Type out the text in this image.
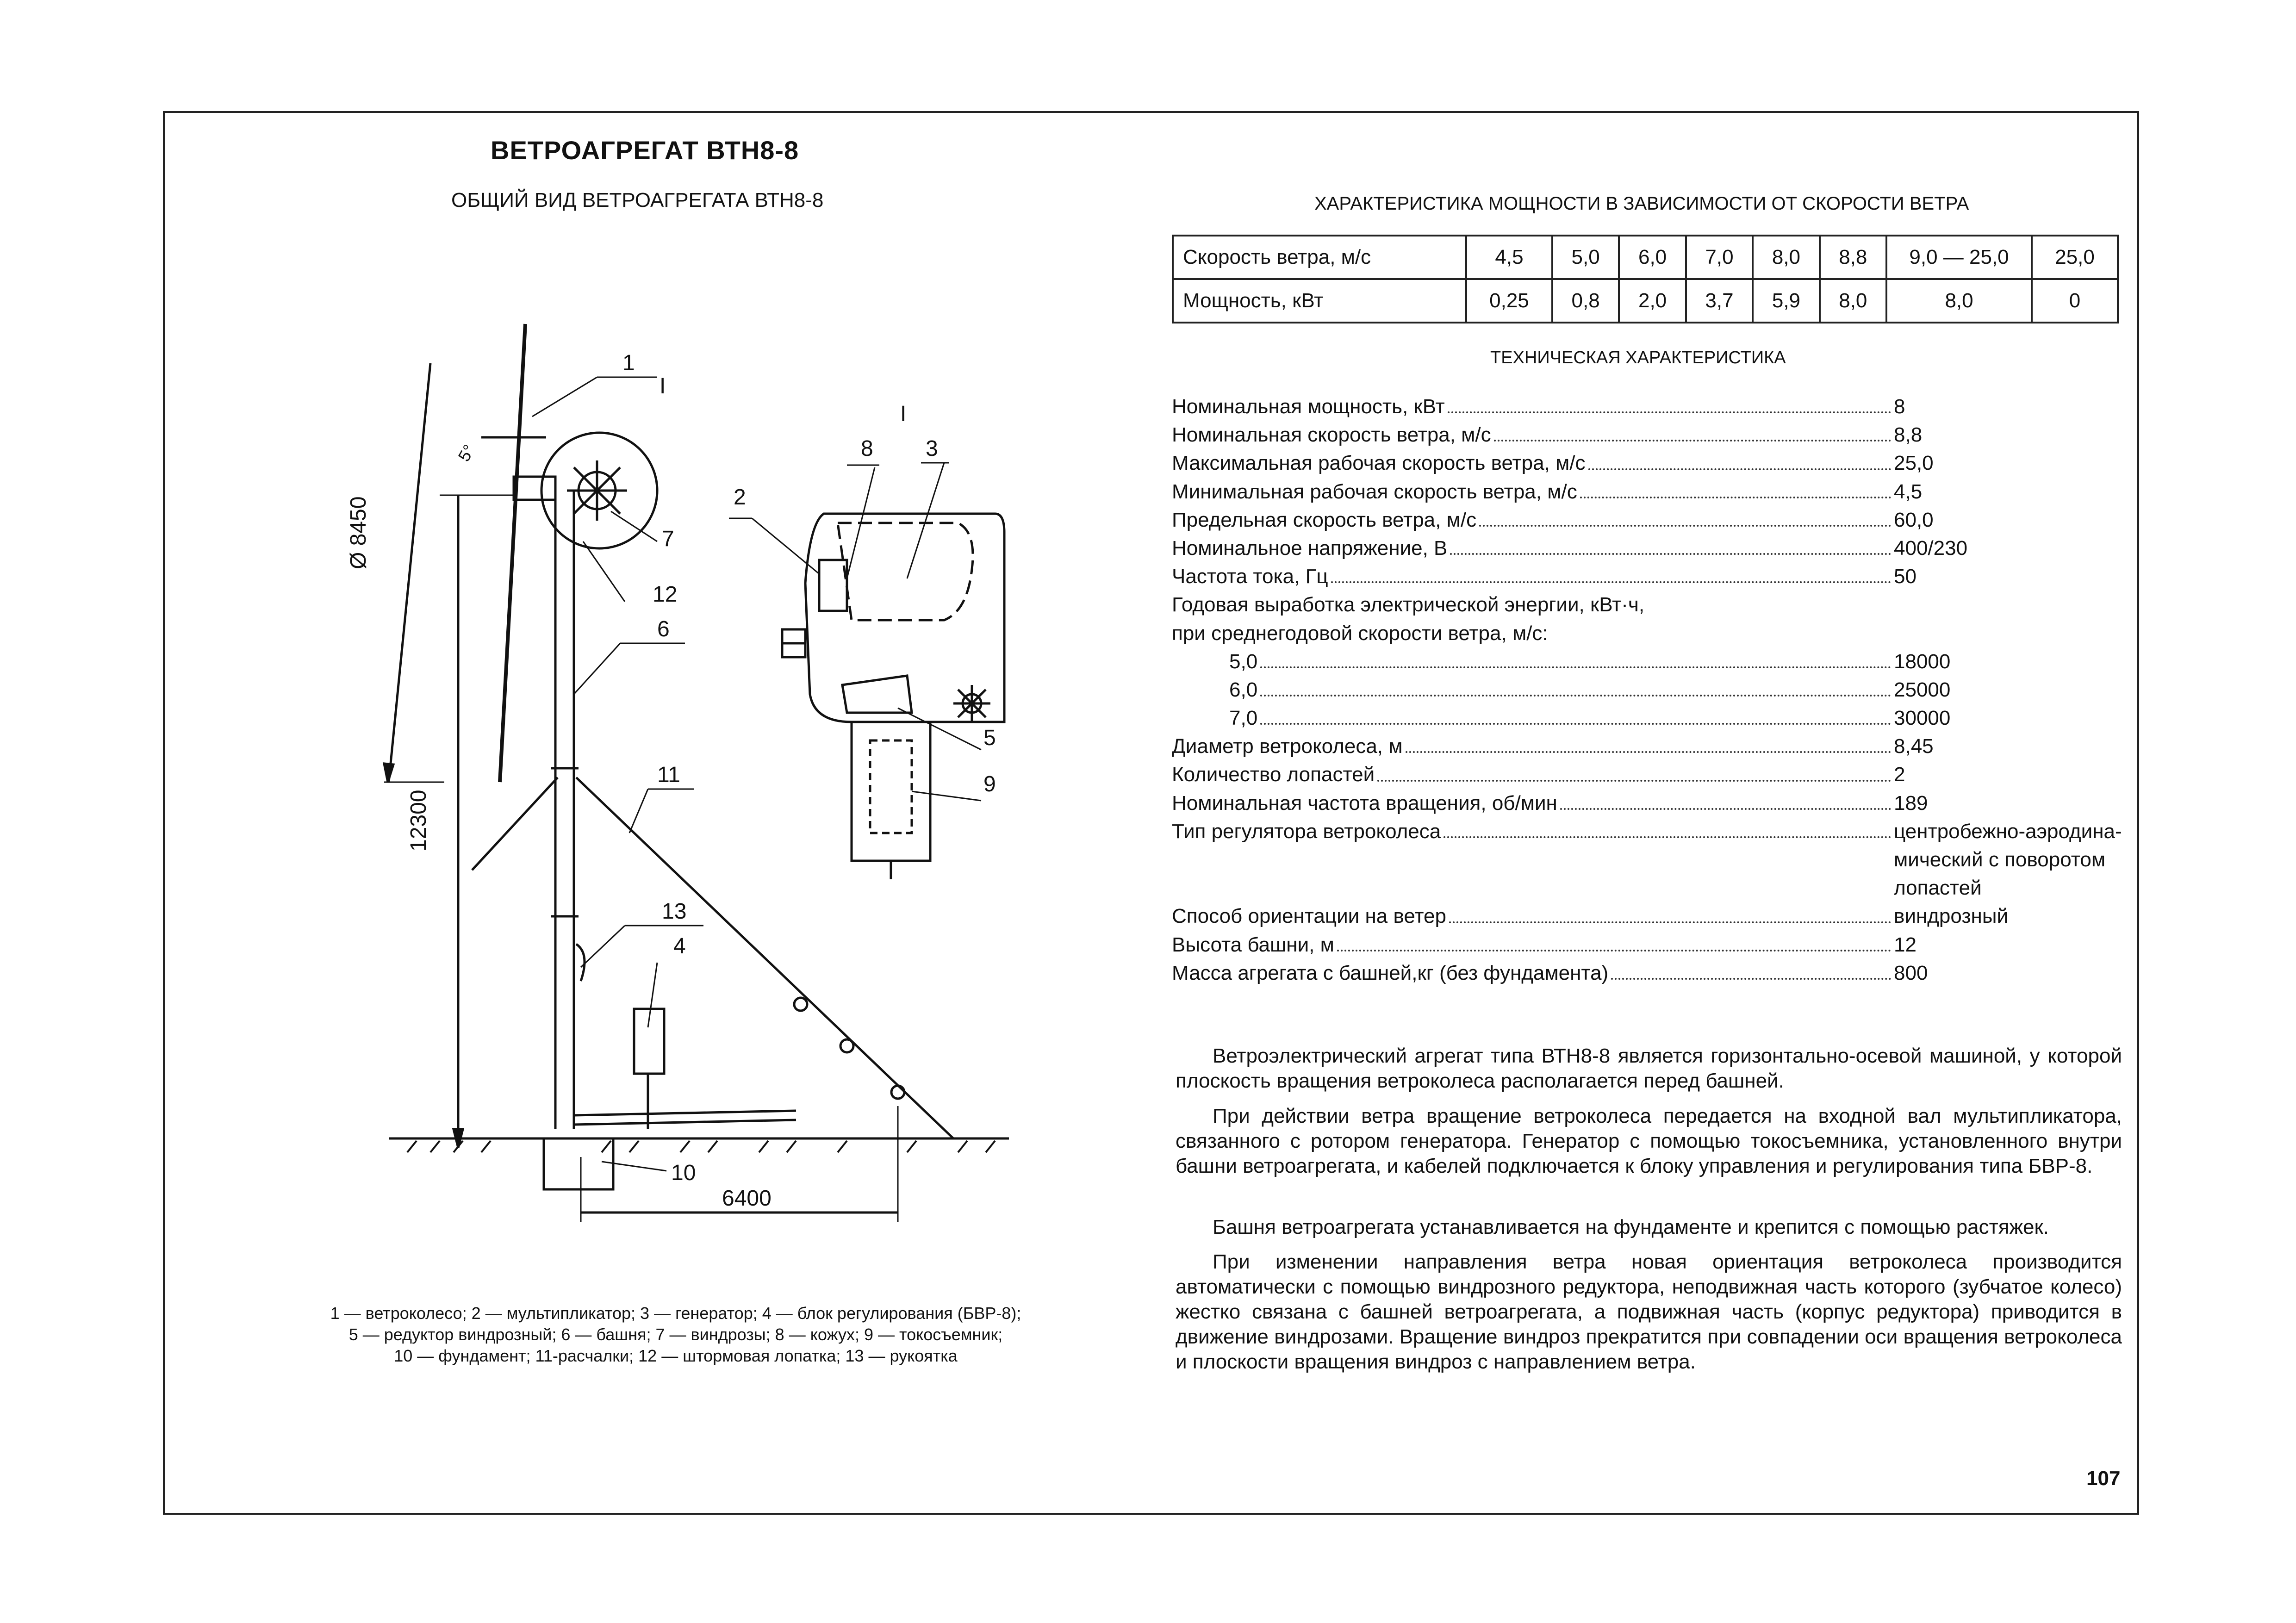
ВЕТРОАГРЕГАТ ВТН8-8
ОБЩИЙ ВИД ВЕТРОАГРЕГАТА ВТН8-8	ХАРАКТЕРИСТИКА МОЩНОСТИ В ЗАВИСИМОСТИ ОТ СКОРОСТИ ВЕТРА
Скорость ветра, м/с	4,5	5,0	6,0	7,0	8,0	8,8	9,0 — 25,0	25,0
Мощность, кВт	0,25	0,8	2,0	3,7	5,9	8,0	8,0	0
ТЕХНИЧЕСКАЯ ХАРАКТЕРИСТИКА
Номинальная мощность, кВт	8
Номинальная скорость ветра, м/с	8,8
Максимальная рабочая скорость ветра, м/с	25,0
Минимальная рабочая скорость ветра, м/с	4,5
Предельная скорость ветра, м/с	60,0
Номинальное напряжение, В	400/230
Частота тока, Гц	50
Годовая выработка электрической энергии, кВт·ч,
при среднегодовой скорости ветра, м/с:
5,0	18000
6,0	25000
7,0	30000
Диаметр ветроколеса, м	8,45
Количество лопастей	2
Номинальная частота вращения, об/мин	189
Тип регулятора ветроколеса	центробежно-аэродина-
мический с поворотом
лопастей
Способ ориентации на ветер	виндрозный
Высота башни, м	12
Масса агрегата с башней,кг (без фундамента)	800

Ветроэлектрический агрегат типа ВТН8-8 является горизонтально-осевой машиной, у которой плоскость вращения ветроколеса располагается перед башней.

При действии ветра вращение ветроколеса передается на входной вал мультипликатора, связанного с ротором генератора. Генератор с помощью токосъемника, установленного внутри башни ветроагрегата, и кабелей подключается к блоку управления и регулирования типа БВР-8.

Башня ветроагрегата устанавливается на фундаменте и крепится с помощью растяжек.

При изменении направления ветра новая ориентация ветроколеса производится автоматически с помощью виндрозного редуктора, неподвижная часть которого (зубчатое колесо) жестко связана с башней ветроагрегата, а подвижная часть (корпус редуктора) приводится в движение виндрозами. Вращение виндроз прекратится при совпадении оси вращения ветроколеса и плоскости вращения виндроз с направлением ветра.

Ø 8450
12300
6400
5°
I
I
1
2
3
4
5
6
7
8
9
10
11
12
13
1 — ветроколесо; 2 — мультипликатор; 3 — генератор; 4 — блок регулирования (БВР-8);
5 — редуктор виндрозный; 6 — башня; 7 — виндрозы; 8 — кожух; 9 — токосъемник;
10 — фундамент; 11-расчалки; 12 — штормовая лопатка; 13 — рукоятка
107
